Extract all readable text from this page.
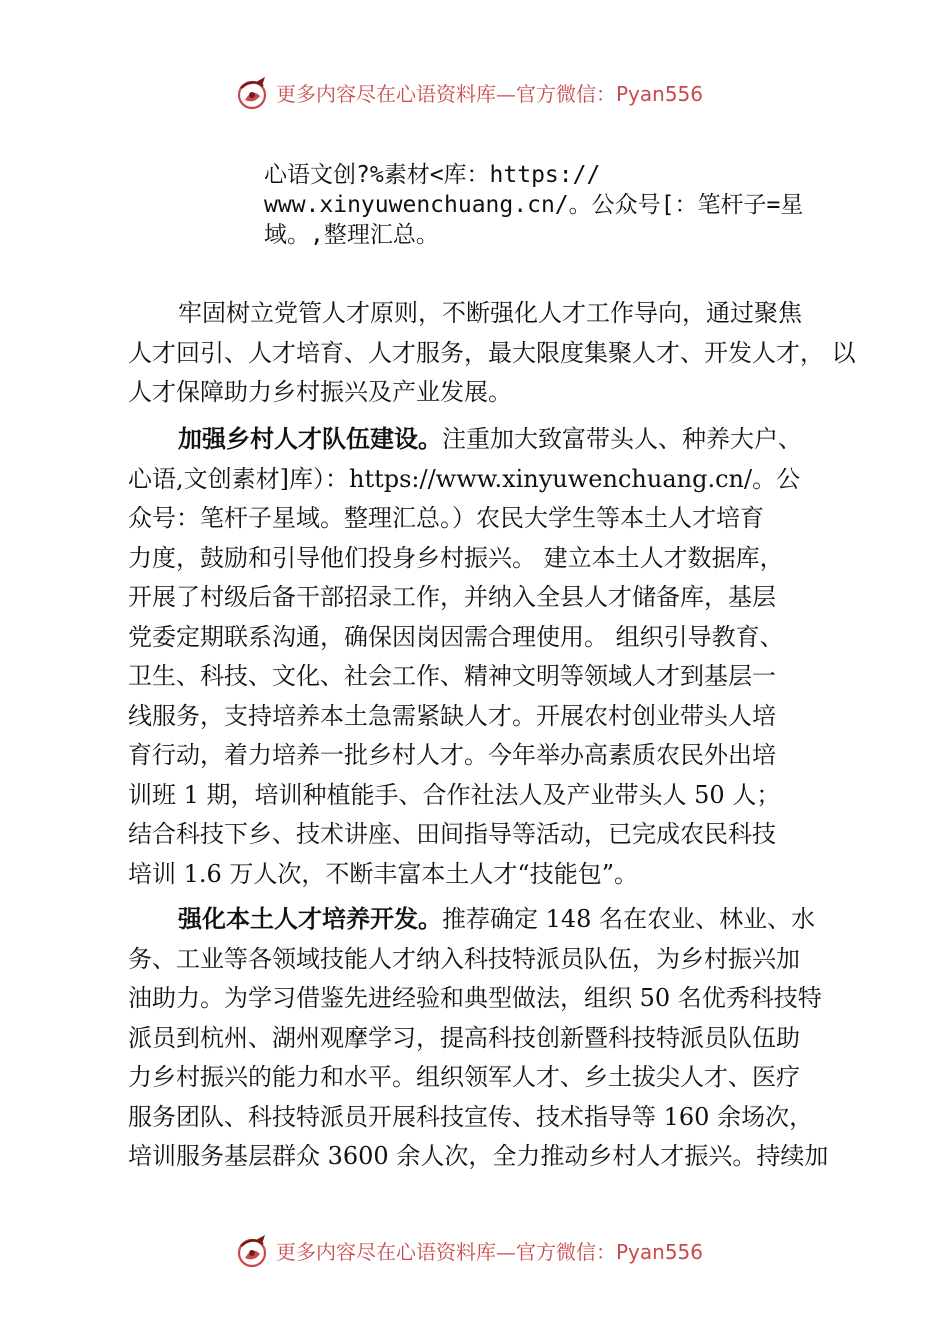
更多内容尽在心语资料库—官方微信：Pyan556
心语文创?%素材<库：https://
www.xinyuwenchuang.cn/。公众号[：笔杆子=星
域。,整理汇总。
牢固树立党管人才原则，不断强化人才工作导向，通过聚焦
人才回引、人才培育、人才服务，最大限度集聚人才、开发人才， 以
人才保障助力乡村振兴及产业发展。
加强乡村人才队伍建设。注重加大致富带头人、种养大户、
心语,文创素材]库）：https://www.xinyuwenchuang.cn/。公
众号：笔杆子星域。整理汇总。）农民大学生等本土人才培育
力度，鼓励和引导他们投身乡村振兴。 建立本土人才数据库，
开展了村级后备干部招录工作，并纳入全县人才储备库，基层
党委定期联系沟通，确保因岗因需合理使用。 组织引导教育、
卫生、科技、文化、社会工作、精神文明等领域人才到基层一
线服务，支持培养本土急需紧缺人才。开展农村创业带头人培
育行动，着力培养一批乡村人才。今年举办高素质农民外出培
训班 1 期，培训种植能手、合作社法人及产业带头人 50 人；
结合科技下乡、技术讲座、田间指导等活动，已完成农民科技
培训 1.6 万人次，不断丰富本土人才“技能包”。
强化本土人才培养开发。推荐确定 148 名在农业、林业、水
务、工业等各领域技能人才纳入科技特派员队伍，为乡村振兴加
油助力。为学习借鉴先进经验和典型做法，组织 50 名优秀科技特
派员到杭州、湖州观摩学习，提高科技创新暨科技特派员队伍助
力乡村振兴的能力和水平。组织领军人才、乡土拔尖人才、医疗
服务团队、科技特派员开展科技宣传、技术指导等 160 余场次，
培训服务基层群众 3600 余人次，全力推动乡村人才振兴。持续加
更多内容尽在心语资料库—官方微信：Pyan556
